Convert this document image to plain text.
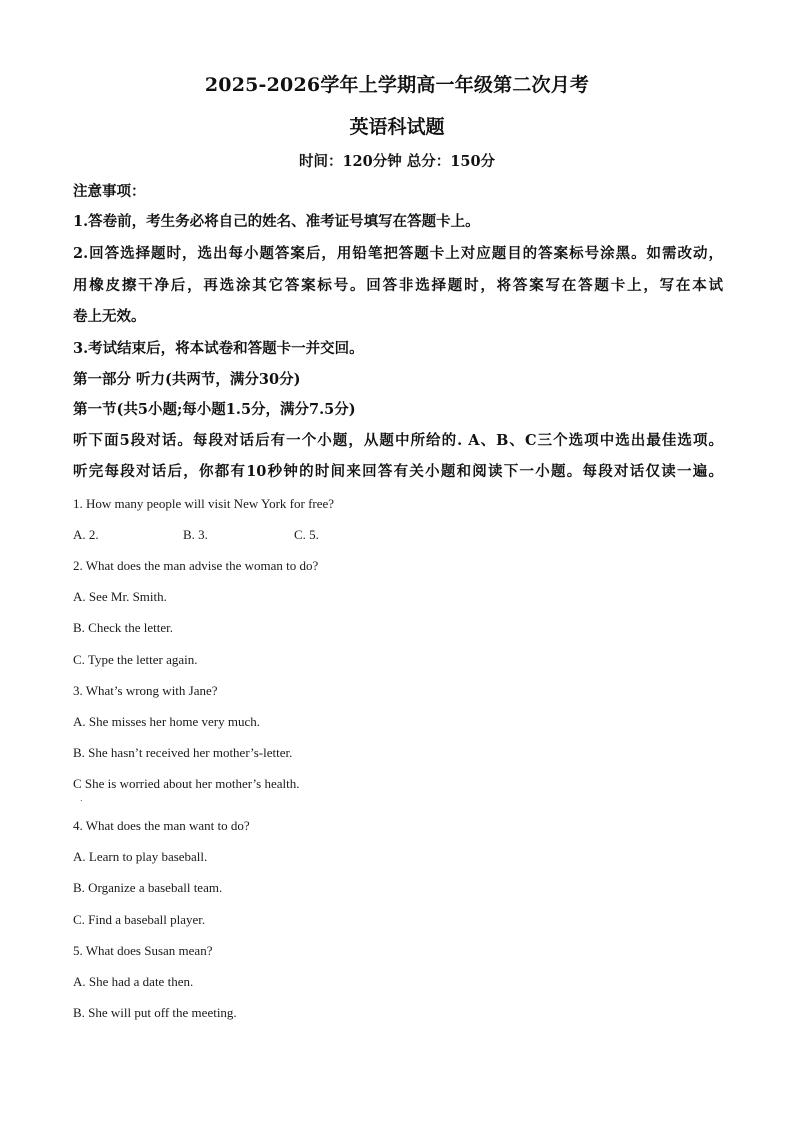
2025-2026学年上学期高一年级第二次月考
英语科试题
时间：120分钟 总分：150分
注意事项：
1.答卷前，考生务必将自己的姓名、准考证号填写在答题卡上。
2.回答选择题时，选出每小题答案后，用铅笔把答题卡上对应题目的答案标号涂黑。如需改动，
用橡皮擦干净后，再选涂其它答案标号。回答非选择题时，将答案写在答题卡上，写在本试
卷上无效。
3.考试结束后，将本试卷和答题卡一并交回。
第一部分 听力(共两节，满分30分)
第一节(共5小题;每小题1.5分，满分7.5分)
听下面5段对话。每段对话后有一个小题，从题中所给的. A、B、C三个选项中选出最佳选项。
听完每段对话后，你都有10秒钟的时间来回答有关小题和阅读下一小题。每段对话仅读一遍。
1. How many people will visit New York for free?
A. 2.	B. 3.	C. 5.
2. What does the man advise the woman to do?
A. See Mr. Smith.
B. Check the letter.
C. Type the letter again.
3. What’s wrong with Jane?
A. She misses her home very much.
B. She hasn’t received her mother’s-letter.
C She is worried about her mother’s health.
.
4. What does the man want to do?
A. Learn to play baseball.
B. Organize a baseball team.
C. Find a baseball player.
5. What does Susan mean?
A. She had a date then.
B. She will put off the meeting.
